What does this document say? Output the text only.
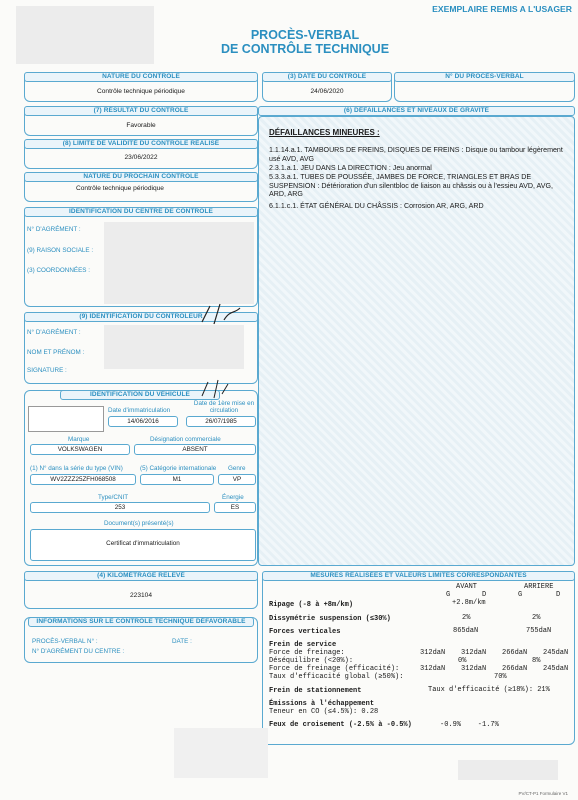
EXEMPLAIRE REMIS A L'USAGER
PROCÈS-VERBAL
DE CONTRÔLE TECHNIQUE
NATURE DU CONTRÔLE
Contrôle technique périodique
(3) DATE DU CONTRÔLE
24/06/2020
N° DU PROCÈS-VERBAL
(7) RÉSULTAT DU CONTRÔLE
Favorable
(8) LIMITE DE VALIDITÉ DU CONTRÔLE RÉALISÉ
23/06/2022
NATURE DU PROCHAIN CONTRÔLE
Contrôle technique périodique
IDENTIFICATION DU CENTRE DE CONTRÔLE
N° D'AGRÉMENT :
(9) RAISON SOCIALE :
(3) COORDONNÉES :
(9) IDENTIFICATION DU CONTRÔLEUR
N° D'AGRÉMENT :
NOM ET PRÉNOM :
SIGNATURE :
IDENTIFICATION DU VÉHICULE
Date d'immatriculation
14/06/2016
Date de 1ère mise en circulation
26/07/1985
Marque
VOLKSWAGEN
Désignation commerciale
ABSENT
(1) N° dans la série du type (VIN)
WV2ZZZ25ZFH068508
(5) Catégorie internationale
M1
Genre
VP
Type/CNIT
253
Énergie
ES
Document(s) présenté(s)
Certificat d'immatriculation
(4) KILOMÉTRAGE RELEVÉ
223104
INFORMATIONS SUR LE CONTRÔLE TECHNIQUE DÉFAVORABLE
PROCÈS-VERBAL N° :	DATE :
N° D'AGRÉMENT DU CENTRE :
(6) DÉFAILLANCES ET NIVEAUX DE GRAVITÉ
DÉFAILLANCES MINEURES :
1.1.14.a.1. TAMBOURS DE FREINS, DISQUES DE FREINS : Disque ou tambour légèrement usé AVD, AVG
2.3.1.a.1. JEU DANS LA DIRECTION : Jeu anormal
5.3.3.a.1. TUBES DE POUSSÉE, JAMBES DE FORCE, TRIANGLES ET BRAS DE SUSPENSION : Détérioration d'un silentbloc de liaison au châssis ou à l'essieu AVD, AVG, ARD, ARG
6.1.1.c.1. ÉTAT GÉNÉRAL DU CHÂSSIS : Corrosion AR, ARG, ARD
MESURES RÉALISÉES ET VALEURS LIMITES CORRESPONDANTES
AVANT	ARRIERE
G	D	G	D
Ripage (-8 à +8m/km)	+2.8m/km
Dissymétrie suspension (≤30%)	2%	2%
Forces verticales	865daN	755daN
Frein de service
Force de freinage:	312daN 312daN 266daN 245daN
Déséquilibre (<20%):	0%	8%
Force de freinage (efficacité):	312daN 312daN 266daN 245daN
Taux d'efficacité global (≥50%):	70%
Frein de stationnement	Taux d'efficacité (≥18%): 21%
Émissions à l'échappement
Teneur en CO (≤4.5%): 0.28
Feux de croisement (-2.5% à -0.5%)	-0.9%    -1.7%
PV/CT-P1 Formulaire V1
